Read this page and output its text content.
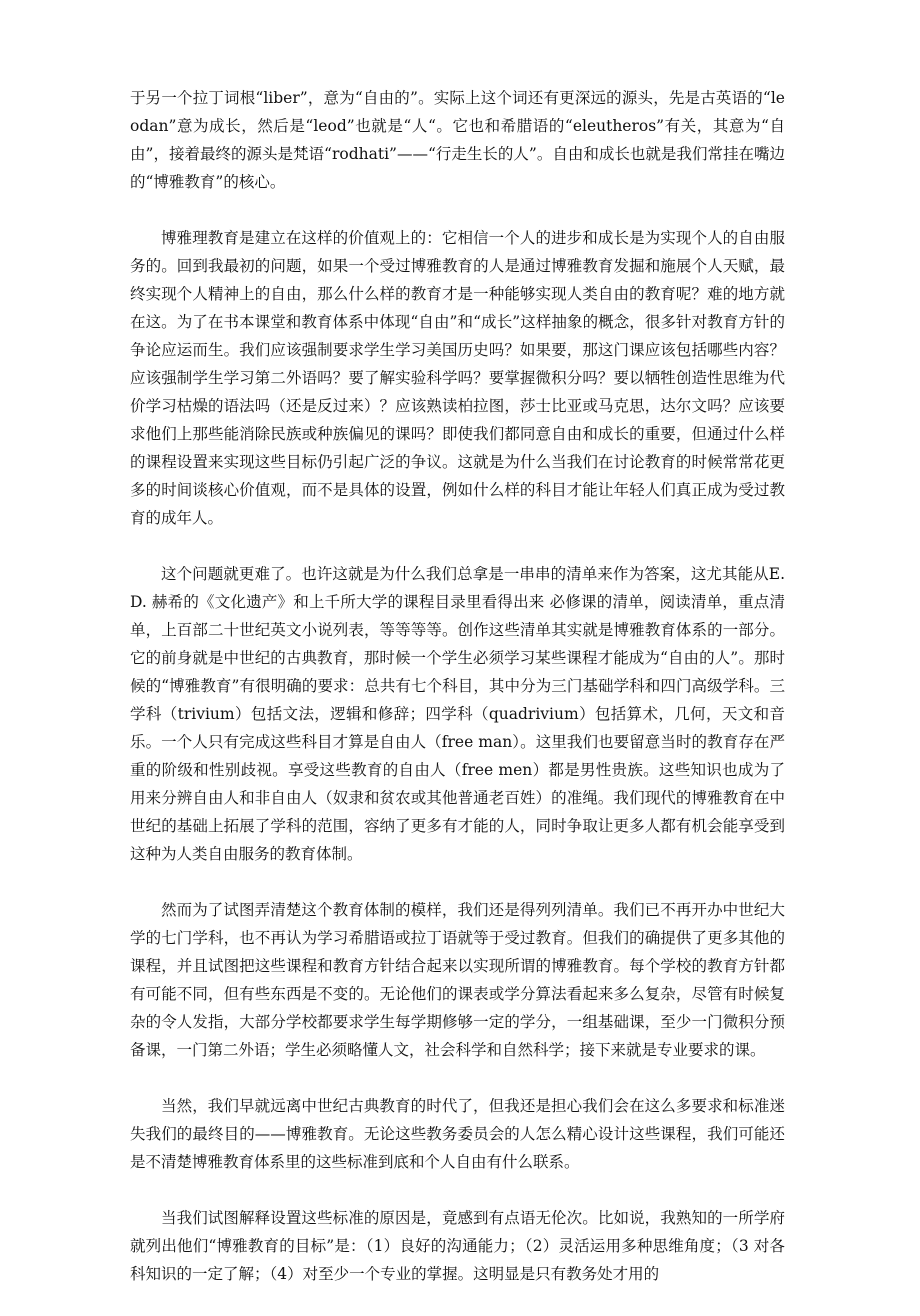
于另一个拉丁词根“liber”，意为“自由的”。实际上这个词还有更深远的源头，先是古英语的“leodan”意为成长，然后是“leod”也就是“人“。它也和希腊语的“eleutheros”有关，其意为“自由”，接着最终的源头是梵语“rodhati”——“行走生长的人”。自由和成长也就是我们常挂在嘴边的“博雅教育”的核心。

博雅理教育是建立在这样的价值观上的：它相信一个人的进步和成长是为实现个人的自由服务的。回到我最初的问题，如果一个受过博雅教育的人是通过博雅教育发掘和施展个人天赋，最终实现个人精神上的自由，那么什么样的教育才是一种能够实现人类自由的教育呢？难的地方就在这。为了在书本课堂和教育体系中体现“自由”和“成长”这样抽象的概念，很多针对教育方针的争论应运而生。我们应该强制要求学生学习美国历史吗？如果要，那这门课应该包括哪些内容？应该强制学生学习第二外语吗？要了解实验科学吗？要掌握微积分吗？要以牺牲创造性思维为代价学习枯燥的语法吗（还是反过来）？应该熟读柏拉图，莎士比亚或马克思，达尔文吗？应该要求他们上那些能消除民族或种族偏见的课吗？即使我们都同意自由和成长的重要，但通过什么样的课程设置来实现这些目标仍引起广泛的争议。这就是为什么当我们在讨论教育的时候常常花更多的时间谈核心价值观，而不是具体的设置，例如什么样的科目才能让年轻人们真正成为受过教育的成年人。

这个问题就更难了。也许这就是为什么我们总拿是一串串的清单来作为答案，这尤其能从E.D. 赫希的《文化遗产》和上千所大学的课程目录里看得出来 必修课的清单，阅读清单，重点清单，上百部二十世纪英文小说列表，等等等等。创作这些清单其实就是博雅教育体系的一部分。它的前身就是中世纪的古典教育，那时候一个学生必须学习某些课程才能成为“自由的人”。那时候的“博雅教育”有很明确的要求：总共有七个科目，其中分为三门基础学科和四门高级学科。三学科（trivium）包括文法，逻辑和修辞；四学科（quadrivium）包括算术，几何，天文和音乐。一个人只有完成这些科目才算是自由人（free man）。这里我们也要留意当时的教育存在严重的阶级和性别歧视。享受这些教育的自由人（free men）都是男性贵族。这些知识也成为了用来分辨自由人和非自由人（奴隶和贫农或其他普通老百姓）的准绳。我们现代的博雅教育在中世纪的基础上拓展了学科的范围，容纳了更多有才能的人，同时争取让更多人都有机会能享受到这种为人类自由服务的教育体制。

然而为了试图弄清楚这个教育体制的模样，我们还是得列列清单。我们已不再开办中世纪大学的七门学科，也不再认为学习希腊语或拉丁语就等于受过教育。但我们的确提供了更多其他的课程，并且试图把这些课程和教育方针结合起来以实现所谓的博雅教育。每个学校的教育方针都有可能不同，但有些东西是不变的。无论他们的课表或学分算法看起来多么复杂，尽管有时候复杂的令人发指，大部分学校都要求学生每学期修够一定的学分，一组基础课，至少一门微积分预备课，一门第二外语；学生必须略懂人文，社会科学和自然科学；接下来就是专业要求的课。

当然，我们早就远离中世纪古典教育的时代了，但我还是担心我们会在这么多要求和标准迷失我们的最终目的——博雅教育。无论这些教务委员会的人怎么精心设计这些课程，我们可能还是不清楚博雅教育体系里的这些标准到底和个人自由有什么联系。

当我们试图解释设置这些标准的原因是，竟感到有点语无伦次。比如说，我熟知的一所学府就列出他们“博雅教育的目标”是：（1）良好的沟通能力；（2）灵活运用多种思维角度；（3 对各科知识的一定了解；（4）对至少一个专业的掌握。这明显是只有教务处才用的
